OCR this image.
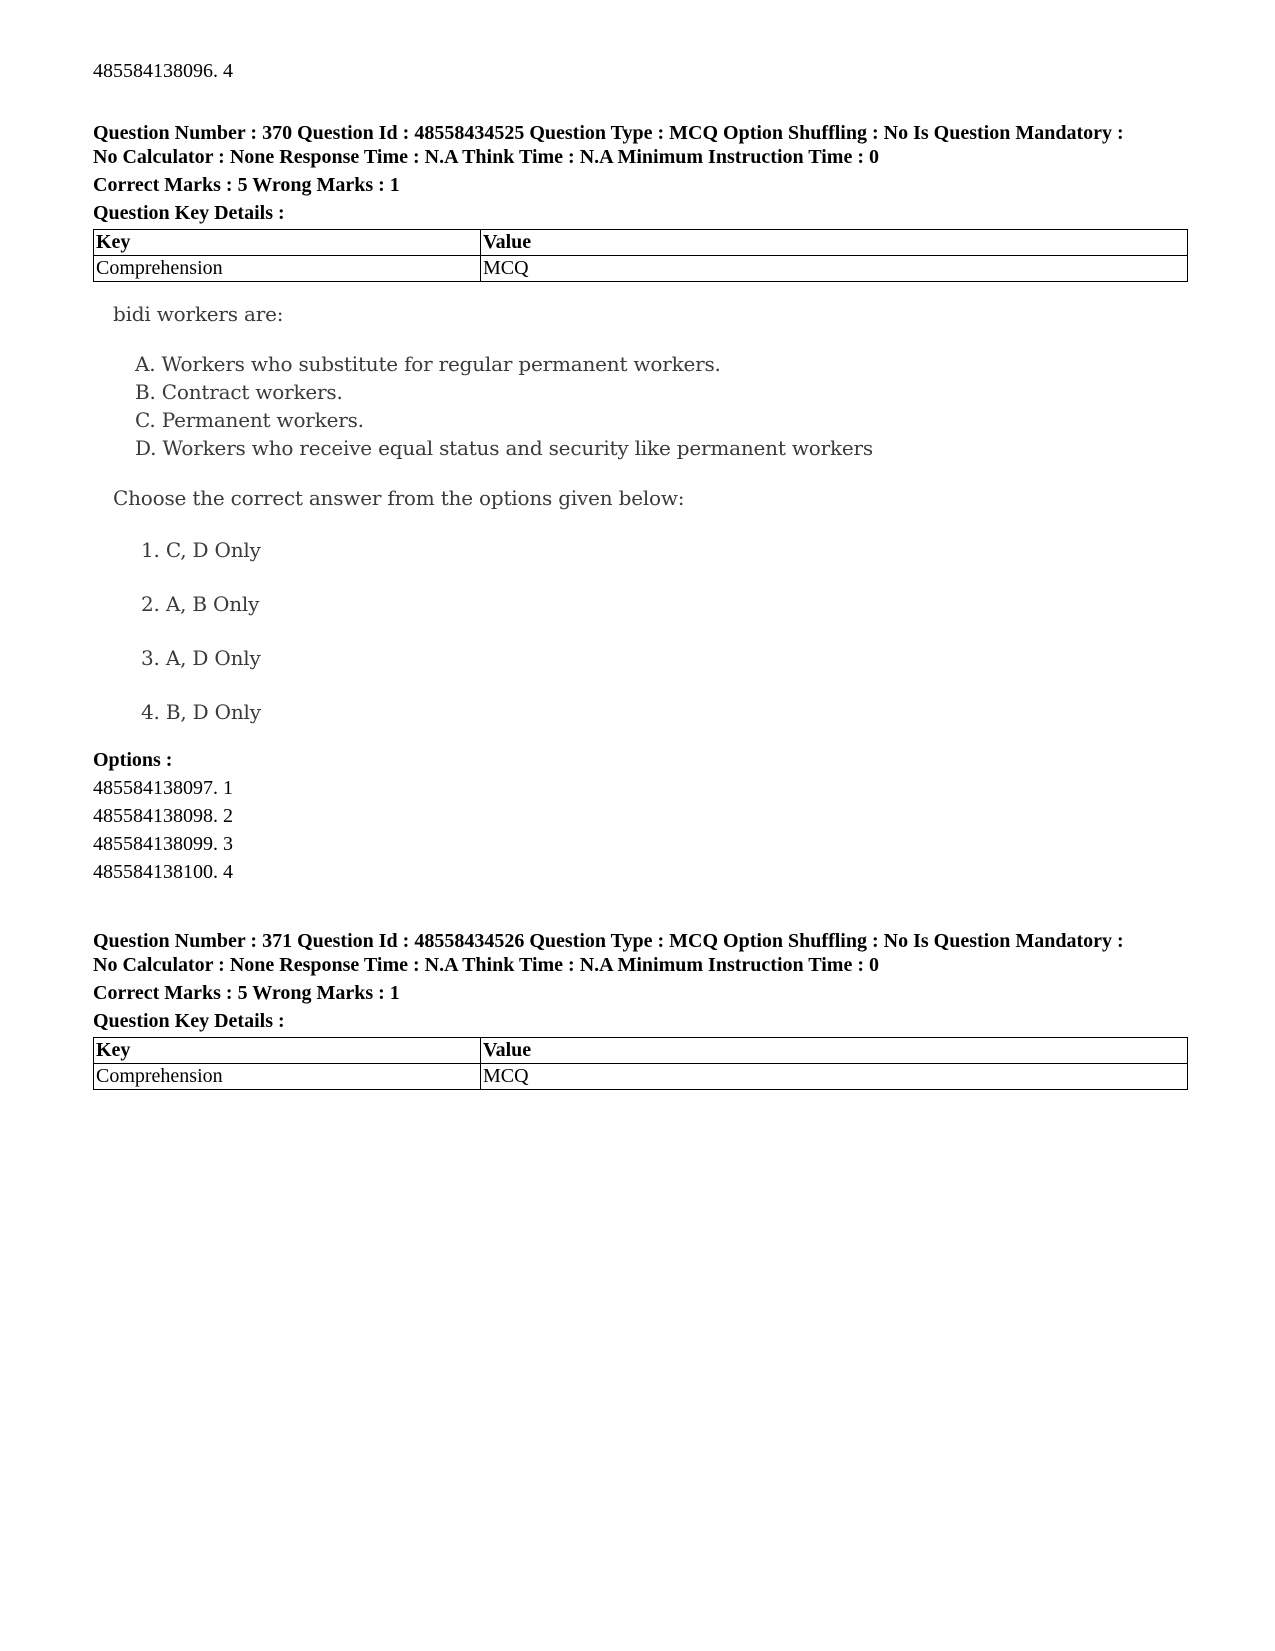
485584138096. 4
Question Number : 370 Question Id : 48558434525 Question Type : MCQ Option Shuffling : No Is Question Mandatory :
No Calculator : None Response Time : N.A Think Time : N.A Minimum Instruction Time : 0
Correct Marks : 5 Wrong Marks : 1
Question Key Details :
Key	Value
Comprehension	MCQ
bidi workers are:
A. Workers who substitute for regular permanent workers.
B. Contract workers.
C. Permanent workers.
D. Workers who receive equal status and security like permanent workers
Choose the correct answer from the options given below:
1. C, D Only
2. A, B Only
3. A, D Only
4. B, D Only
Options :
485584138097. 1
485584138098. 2
485584138099. 3
485584138100. 4
Question Number : 371 Question Id : 48558434526 Question Type : MCQ Option Shuffling : No Is Question Mandatory :
No Calculator : None Response Time : N.A Think Time : N.A Minimum Instruction Time : 0
Correct Marks : 5 Wrong Marks : 1
Question Key Details :
Key	Value
Comprehension	MCQ
